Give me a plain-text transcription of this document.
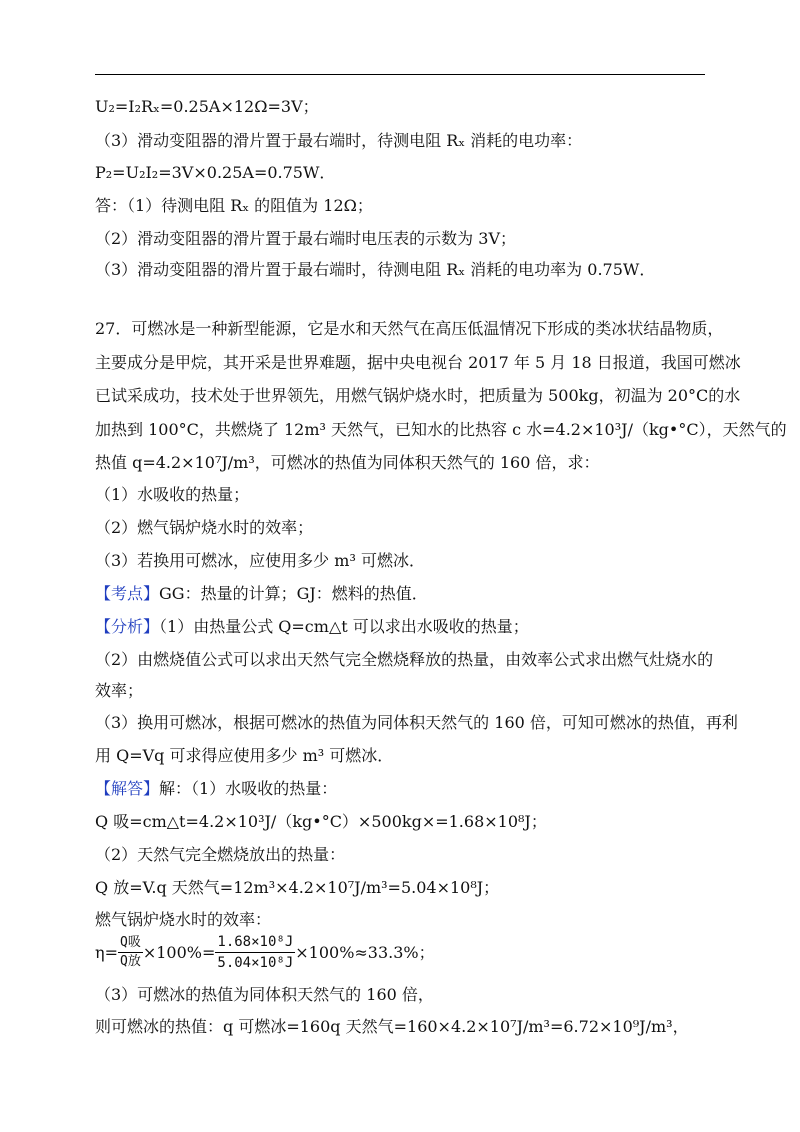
U₂=I₂Rₓ=0.25A×12Ω=3V；
（3）滑动变阻器的滑片置于最右端时，待测电阻 Rₓ 消耗的电功率：
P₂=U₂I₂=3V×0.25A=0.75W．
答：（1）待测电阻 Rₓ 的阻值为 12Ω；
（2）滑动变阻器的滑片置于最右端时电压表的示数为 3V；
（3）滑动变阻器的滑片置于最右端时，待测电阻 Rₓ 消耗的电功率为 0.75W．
27．可燃冰是一种新型能源，它是水和天然气在高压低温情况下形成的类冰状结晶物质，
主要成分是甲烷，其开采是世界难题，据中央电视台 2017 年 5 月 18 日报道，我国可燃冰
已试采成功，技术处于世界领先，用燃气锅炉烧水时，把质量为 500kg，初温为 20°C的水
加热到 100°C，共燃烧了 12m³ 天然气，已知水的比热容 c 水=4.2×10³J/（kg•°C），天然气的
热值 q=4.2×10⁷J/m³，可燃冰的热值为同体积天然气的 160 倍，求：
（1）水吸收的热量；
（2）燃气锅炉烧水时的效率；
（3）若换用可燃冰，应使用多少 m³ 可燃冰．
【考点】GG：热量的计算；GJ：燃料的热值．
【分析】（1）由热量公式 Q=cm△t 可以求出水吸收的热量；
（2）由燃烧值公式可以求出天然气完全燃烧释放的热量，由效率公式求出燃气灶烧水的
效率；
（3）换用可燃冰，根据可燃冰的热值为同体积天然气的 160 倍，可知可燃冰的热值，再利
用 Q=Vq 可求得应使用多少 m³ 可燃冰．
【解答】解：（1）水吸收的热量：
Q 吸=cm△t=4.2×10³J/（kg•°C）×500kg×=1.68×10⁸J；
（2）天然气完全燃烧放出的热量：
Q 放=V.q 天然气=12m³×4.2×10⁷J/m³=5.04×10⁸J；
燃气锅炉烧水时的效率：
$\eta= \frac{\text{Q吸}}{\text{Q放}} \times 100\%= \frac{\text{1.68×10⁸J}}{\text{5.04×10⁸J}} \times 100\%\approx 33.3\%$；
（3）可燃冰的热值为同体积天然气的 160 倍，
则可燃冰的热值：q 可燃冰=160q 天然气=160×4.2×10⁷J/m³=6.72×10⁹J/m³，
